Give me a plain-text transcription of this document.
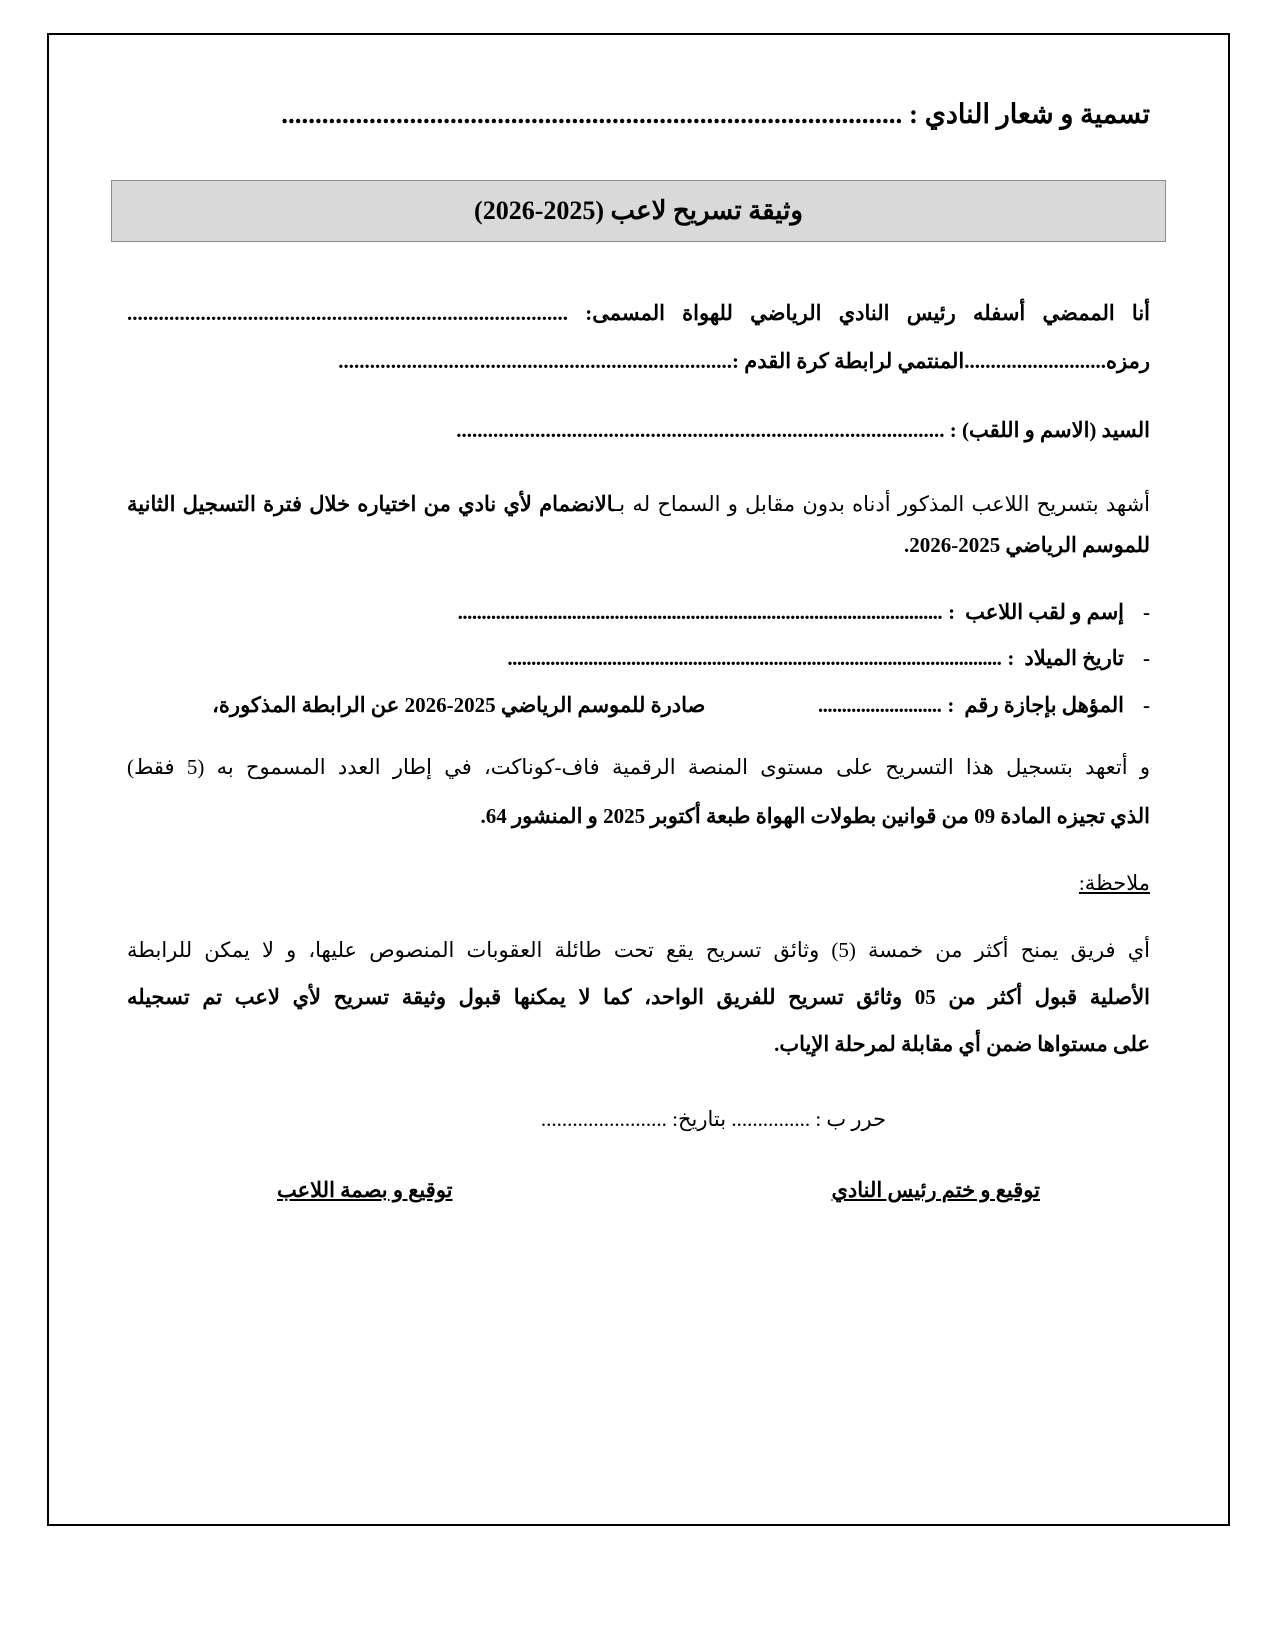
تسمية و شعار النادي : ............................................................................................
وثيقة تسريح لاعب (2025-2026)

أنا الممضي أسفله رئيس النادي الرياضي للهواة المسمى: ....................................................................................

رمزه...........................المنتمي لرابطة كرة القدم :...........................................................................

السيد (الاسم و اللقب) : .............................................................................................

أشهد بتسريح اللاعب المذكور أدناه بدون مقابل و السماح له بـالانضمام لأي نادي من اختياره خلال فترة التسجيل الثانية للموسم الرياضي 2025-2026.

-
إسم و لقب اللاعب
:
......................................................................................................
-
تاريخ الميلاد
:
........................................................................................................
-
المؤهل بإجازة رقم
:
..........................
صادرة للموسم الرياضي 2025-2026 عن الرابطة المذكورة،

و أتعهد بتسجيل هذا التسريح على مستوى المنصة الرقمية فاف-كوناكت، في إطار العدد المسموح به (5 فقط)

الذي تجيزه المادة 09 من قوانين بطولات الهواة طبعة أكتوبر 2025 و المنشور 64.

ملاحظة:

أي فريق يمنح أكثر من خمسة (5) وثائق تسريح يقع تحت طائلة العقوبات المنصوص عليها، و لا يمكن للرابطة

الأصلية قبول أكثر من 05 وثائق تسريح للفريق الواحد، كما لا يمكنها قبول وثيقة تسريح لأي لاعب تم تسجيله

على مستواها ضمن أي مقابلة لمرحلة الإياب.

حرر ب : ............... بتاريخ: ........................

توقيع و ختم رئيس النادي
توقيع و بصمة اللاعب
